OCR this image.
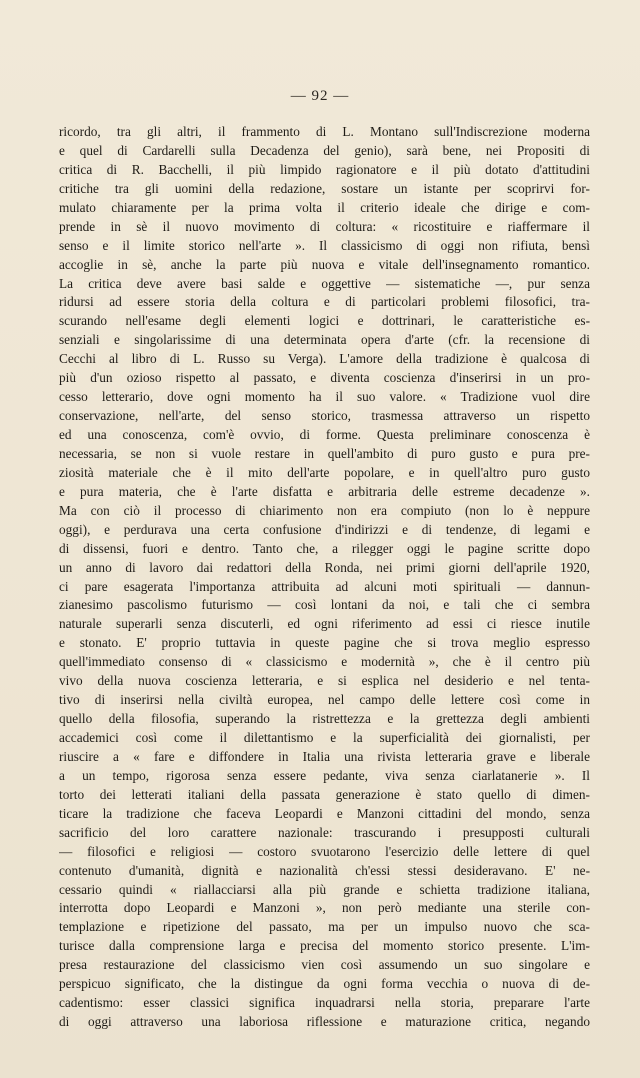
— 92 —
ricordo, tra gli altri, il frammento di L. Montano sull'Indiscrezione moderna
e quel di Cardarelli sulla Decadenza del genio), sarà bene, nei Propositi di
critica di R. Bacchelli, il più limpido ragionatore e il più dotato d'attitudini
critiche tra gli uomini della redazione, sostare un istante per scoprirvi for-
mulato chiaramente per la prima volta il criterio ideale che dirige e com-
prende in sè il nuovo movimento di coltura: « ricostituire e riaffermare il
senso e il limite storico nell'arte ». Il classicismo di oggi non rifiuta, bensì
accoglie in sè, anche la parte più nuova e vitale dell'insegnamento romantico.
La critica deve avere basi salde e oggettive — sistematiche —, pur senza
ridursi ad essere storia della coltura e di particolari problemi filosofici, tra-
scurando nell'esame degli elementi logici e dottrinari, le caratteristiche es-
senziali e singolarissime di una determinata opera d'arte (cfr. la recensione di
Cecchi al libro di L. Russo su Verga). L'amore della tradizione è qualcosa di
più d'un ozioso rispetto al passato, e diventa coscienza d'inserirsi in un pro-
cesso letterario, dove ogni momento ha il suo valore. « Tradizione vuol dire
conservazione, nell'arte, del senso storico, trasmessa attraverso un rispetto
ed una conoscenza, com'è ovvio, di forme. Questa preliminare conoscenza è
necessaria, se non si vuole restare in quell'ambito di puro gusto e pura pre-
ziosità materiale che è il mito dell'arte popolare, e in quell'altro puro gusto
e pura materia, che è l'arte disfatta e arbitraria delle estreme decadenze ».
Ma con ciò il processo di chiarimento non era compiuto (non lo è neppure
oggi), e perdurava una certa confusione d'indirizzi e di tendenze, di legami e
di dissensi, fuori e dentro. Tanto che, a rilegger oggi le pagine scritte dopo
un anno di lavoro dai redattori della Ronda, nei primi giorni dell'aprile 1920,
ci pare esagerata l'importanza attribuita ad alcuni moti spirituali — dannun-
zianesimo pascolismo futurismo — così lontani da noi, e tali che ci sembra
naturale superarli senza discuterli, ed ogni riferimento ad essi ci riesce inutile
e stonato. E' proprio tuttavia in queste pagine che si trova meglio espresso
quell'immediato consenso di « classicismo e modernità », che è il centro più
vivo della nuova coscienza letteraria, e si esplica nel desiderio e nel tenta-
tivo di inserirsi nella civiltà europea, nel campo delle lettere così come in
quello della filosofia, superando la ristrettezza e la grettezza degli ambienti
accademici così come il dilettantismo e la superficialità dei giornalisti, per
riuscire a « fare e diffondere in Italia una rivista letteraria grave e liberale
a un tempo, rigorosa senza essere pedante, viva senza ciarlatanerie ». Il
torto dei letterati italiani della passata generazione è stato quello di dimen-
ticare la tradizione che faceva Leopardi e Manzoni cittadini del mondo, senza
sacrificio del loro carattere nazionale: trascurando i presupposti culturali
— filosofici e religiosi — costoro svuotarono l'esercizio delle lettere di quel
contenuto d'umanità, dignità e nazionalità ch'essi stessi desideravano. E' ne-
cessario quindi « riallacciarsi alla più grande e schietta tradizione italiana,
interrotta dopo Leopardi e Manzoni », non però mediante una sterile con-
templazione e ripetizione del passato, ma per un impulso nuovo che sca-
turisce dalla comprensione larga e precisa del momento storico presente. L'im-
presa restaurazione del classicismo vien così assumendo un suo singolare e
perspicuo significato, che la distingue da ogni forma vecchia o nuova di de-
cadentismo: esser classici significa inquadrarsi nella storia, preparare l'arte
di oggi attraverso una laboriosa riflessione e maturazione critica, negando
